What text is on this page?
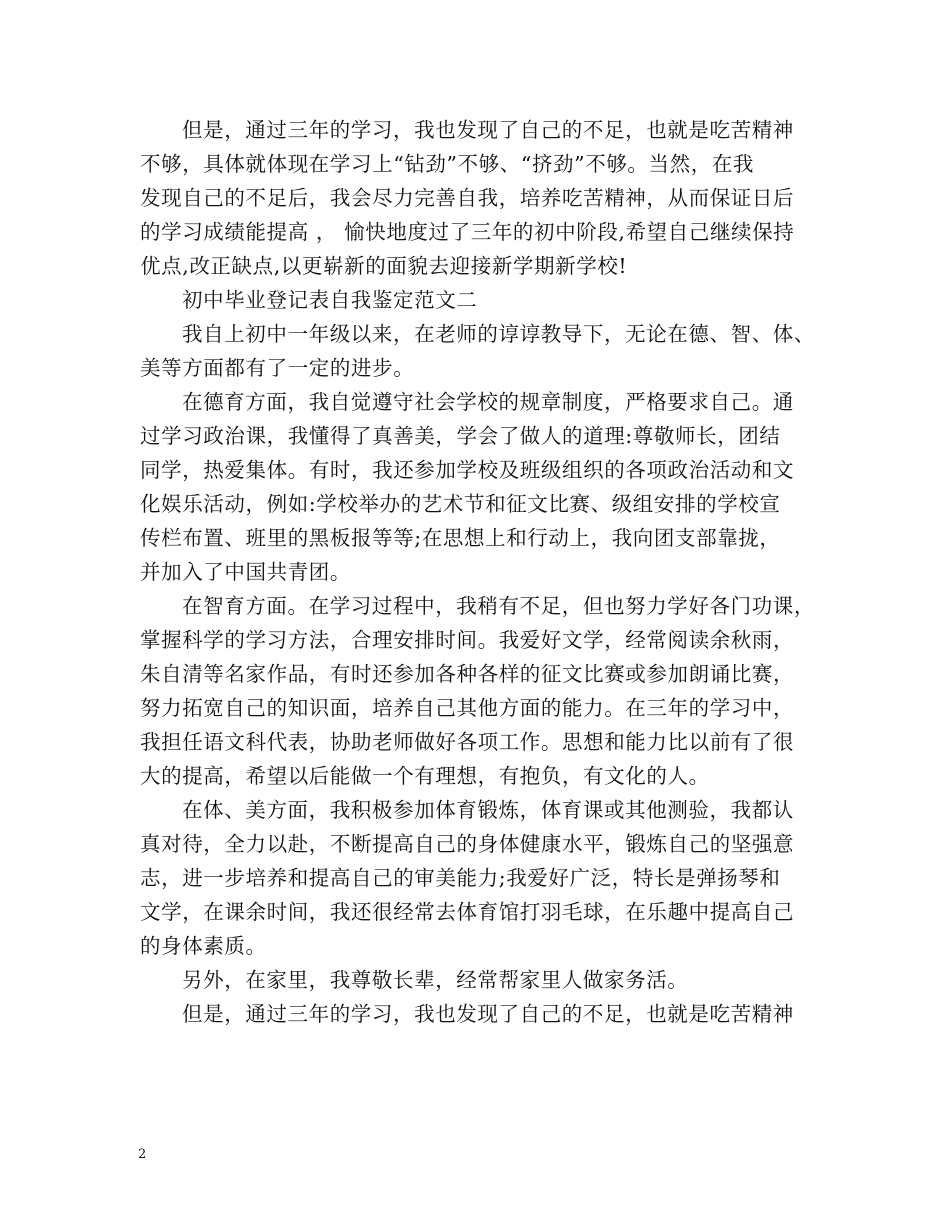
但是，通过三年的学习，我也发现了自己的不足，也就是吃苦精神
不够，具体就体现在学习上“钻劲”不够、“挤劲”不够。当然，在我
发现自己的不足后，我会尽力完善自我，培养吃苦精神，从而保证日后
的学习成绩能提高 ， 愉快地度过了三年的初中阶段,希望自己继续保持
优点,改正缺点,以更崭新的面貌去迎接新学期新学校!
初中毕业登记表自我鉴定范文二
我自上初中一年级以来，在老师的谆谆教导下，无论在德、智、体、
美等方面都有了一定的进步。
在德育方面，我自觉遵守社会学校的规章制度，严格要求自己。通
过学习政治课，我懂得了真善美，学会了做人的道理:尊敬师长，团结
同学，热爱集体。有时，我还参加学校及班级组织的各项政治活动和文
化娱乐活动，例如:学校举办的艺术节和征文比赛、级组安排的学校宣
传栏布置、班里的黑板报等等;在思想上和行动上，我向团支部靠拢，
并加入了中国共青团。
在智育方面。在学习过程中，我稍有不足，但也努力学好各门功课，
掌握科学的学习方法，合理安排时间。我爱好文学，经常阅读余秋雨，
朱自清等名家作品，有时还参加各种各样的征文比赛或参加朗诵比赛，
努力拓宽自己的知识面，培养自己其他方面的能力。在三年的学习中，
我担任语文科代表，协助老师做好各项工作。思想和能力比以前有了很
大的提高，希望以后能做一个有理想，有抱负，有文化的人。
在体、美方面，我积极参加体育锻炼，体育课或其他测验，我都认
真对待，全力以赴，不断提高自己的身体健康水平，锻炼自己的坚强意
志，进一步培养和提高自己的审美能力;我爱好广泛，特长是弹扬琴和
文学，在课余时间，我还很经常去体育馆打羽毛球，在乐趣中提高自己
的身体素质。
另外，在家里，我尊敬长辈，经常帮家里人做家务活。
但是，通过三年的学习，我也发现了自己的不足，也就是吃苦精神
2
